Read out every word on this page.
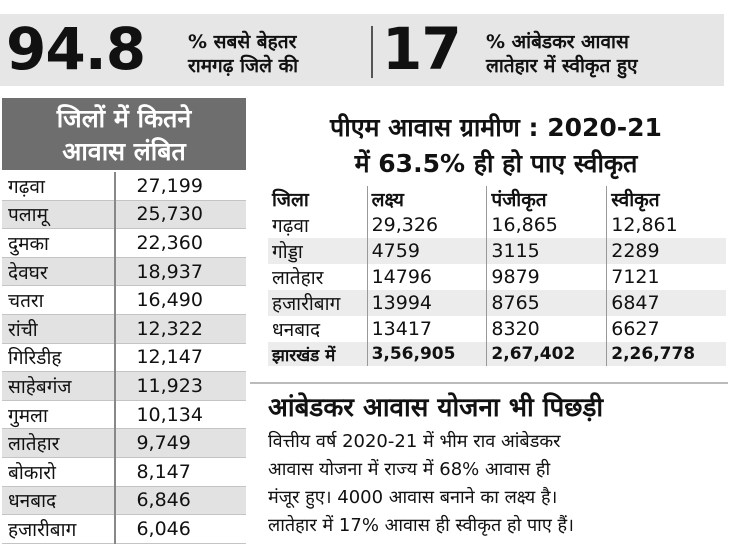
94.8 % सबसे बेहतर
रामगढ़ जिले की 17 % आंबेडकर आवास
लातेहार में स्वीकृत हुए
जिलों में कितने
आवास लंबित
गढ़वा	27,199
पलामू	25,730
दुमका	22,360
देवघर	18,937
चतरा	16,490
रांची	12,322
गिरिडीह	12,147
साहेबगंज	11,923
गुमला	10,134
लातेहार	9,749
बोकारो	8,147
धनबाद	6,846
हजारीबाग	6,046
पीएम आवास ग्रामीण : 2020-21
में 63.5% ही हो पाए स्वीकृत
जिला	लक्ष्य	पंजीकृत	स्वीकृत
गढ़वा	29,326	16,865	12,861
गोड्डा	4759	3115	2289
लातेहार	14796	9879	7121
हजारीबाग	13994	8765	6847
धनबाद	13417	8320	6627
झारखंड में	3,56,905	2,67,402	2,26,778
आंबेडकर आवास योजना भी पिछड़ी
वित्तीय वर्ष 2020-21 में भीम राव आंबेडकर
आवास योजना में राज्य में 68% आवास ही
मंजूर हुए। 4000 आवास बनाने का लक्ष्य है।
लातेहार में 17% आवास ही स्वीकृत हो पाए हैं।
